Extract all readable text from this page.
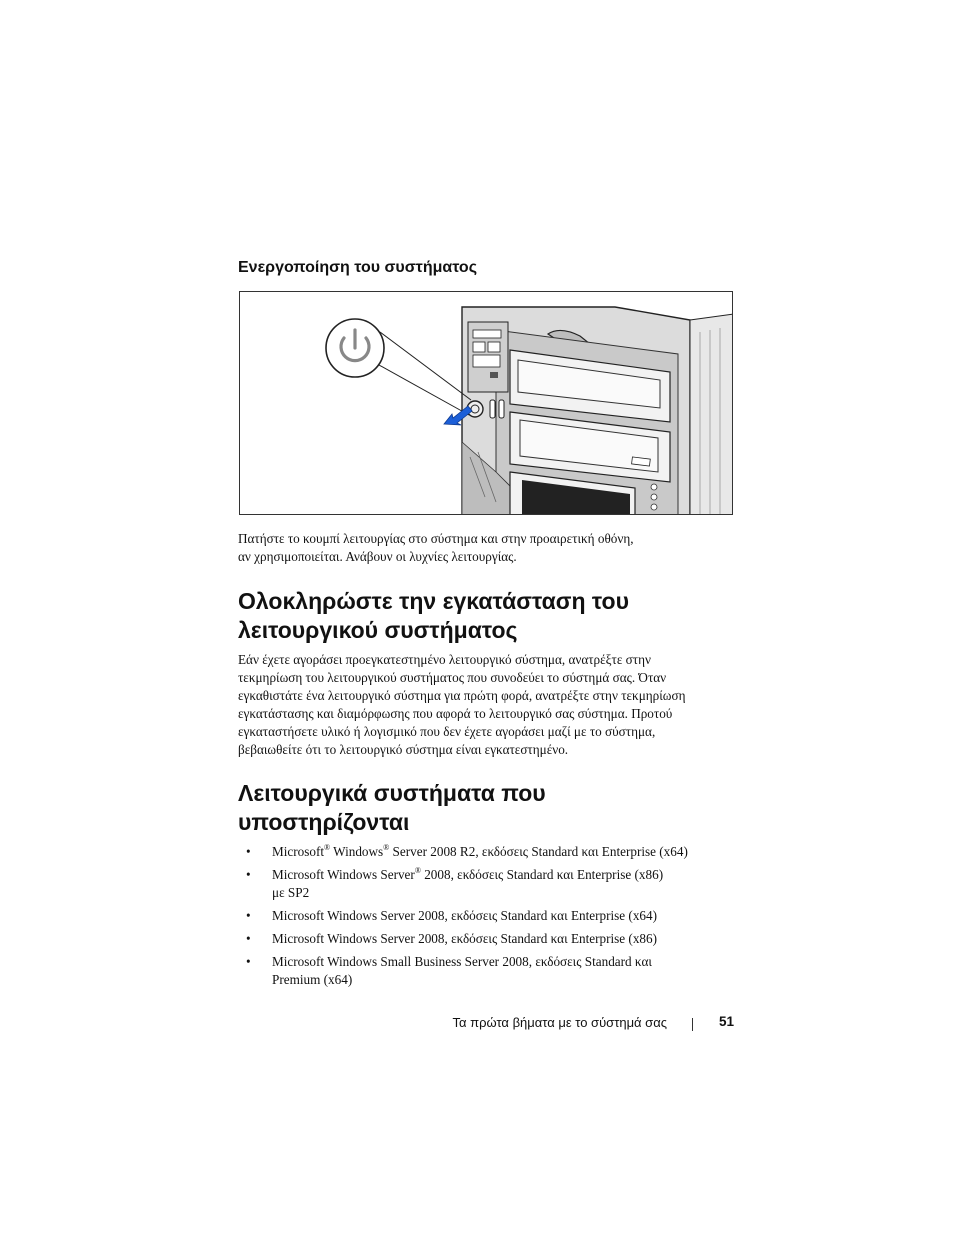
Ενεργοποίηση του συστήματος

Πατήστε το κουμπί λειτουργίας στο σύστημα και στην προαιρετική οθόνη,
αν χρησιμοποιείται. Ανάβουν οι λυχνίες λειτουργίας.

Ολοκληρώστε την εγκατάσταση του
λειτουργικού συστήματος

Εάν έχετε αγοράσει προεγκατεστημένο λειτουργικό σύστημα, ανατρέξτε στην
τεκμηρίωση του λειτουργικού συστήματος που συνοδεύει το σύστημά σας. Όταν
εγκαθιστάτε ένα λειτουργικό σύστημα για πρώτη φορά, ανατρέξτε στην τεκμηρίωση
εγκατάστασης και διαμόρφωσης που αφορά το λειτουργικό σας σύστημα. Προτού
εγκαταστήσετε υλικό ή λογισμικό που δεν έχετε αγοράσει μαζί με το σύστημα,
βεβαιωθείτε ότι το λειτουργικό σύστημα είναι εγκατεστημένο.

Λειτουργικά συστήματα που
υποστηρίζονται
• Microsoft® Windows® Server 2008 R2, εκδόσεις Standard και Enterprise (x64)
• Microsoft Windows Server® 2008, εκδόσεις Standard και Enterprise (x86)
με SP2
• Microsoft Windows Server 2008, εκδόσεις Standard και Enterprise (x64)
• Microsoft Windows Server 2008, εκδόσεις Standard και Enterprise (x86)
• Microsoft Windows Small Business Server 2008, εκδόσεις Standard και
Premium (x64)
Τα πρώτα βήματα με το σύστημά σας	51
